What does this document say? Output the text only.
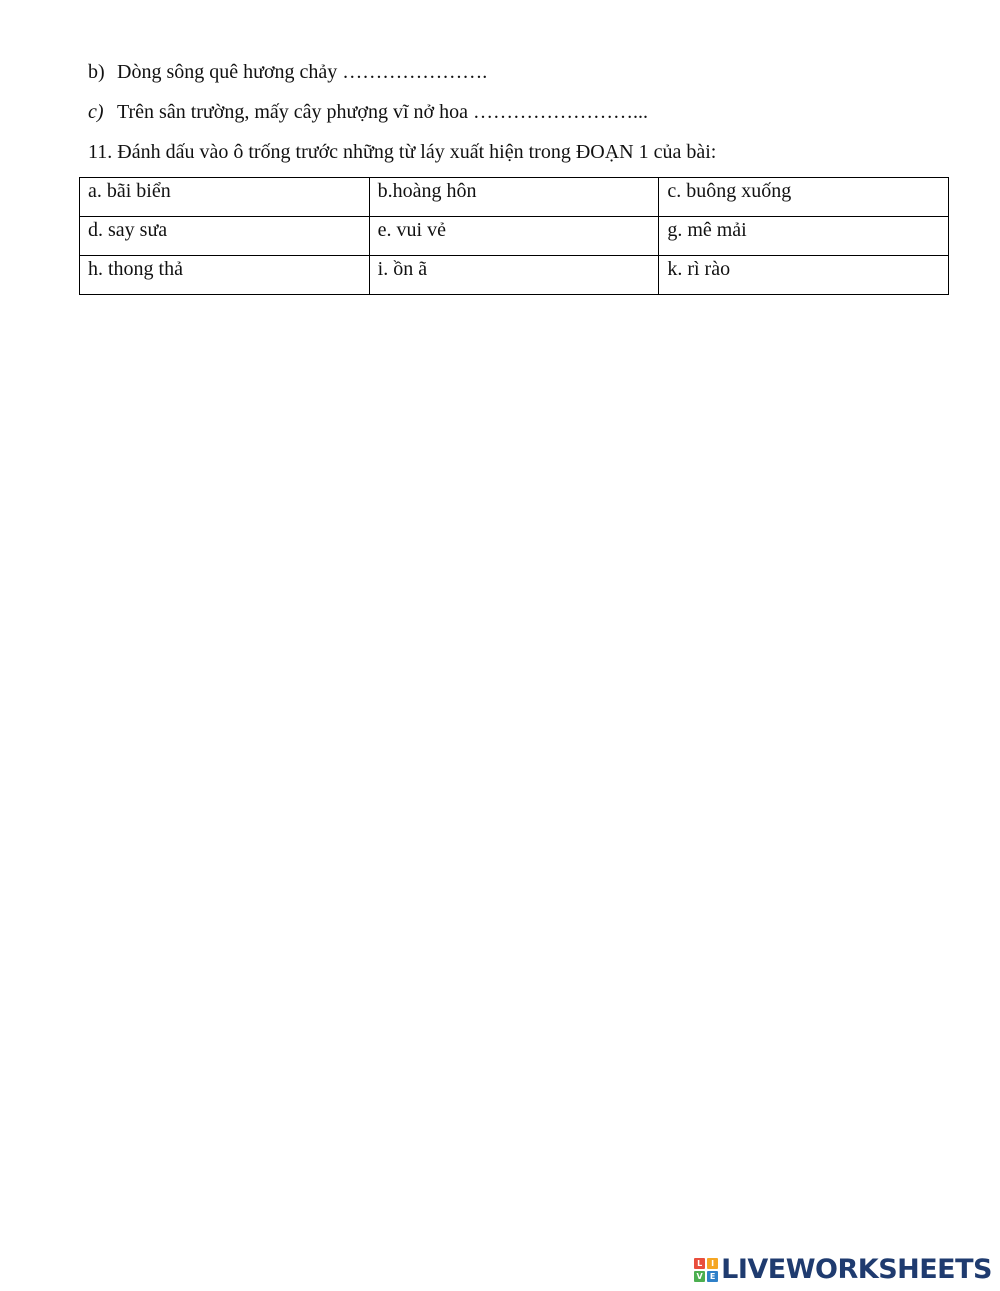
b) Dòng sông quê hương chảy ………………….
c) Trên sân trường, mấy cây phượng vĩ nở hoa ……………………...
11. Đánh dấu vào ô trống trước những từ láy xuất hiện trong ĐOẠN 1 của bài:
a. bãi biển	b.hoàng hôn	c. buông xuống
d. say sưa	e. vui vẻ	g. mê mải
h. thong thả	i. ồn ã	k. rì rào
L	I
V E LIVEWORKSHEETS
